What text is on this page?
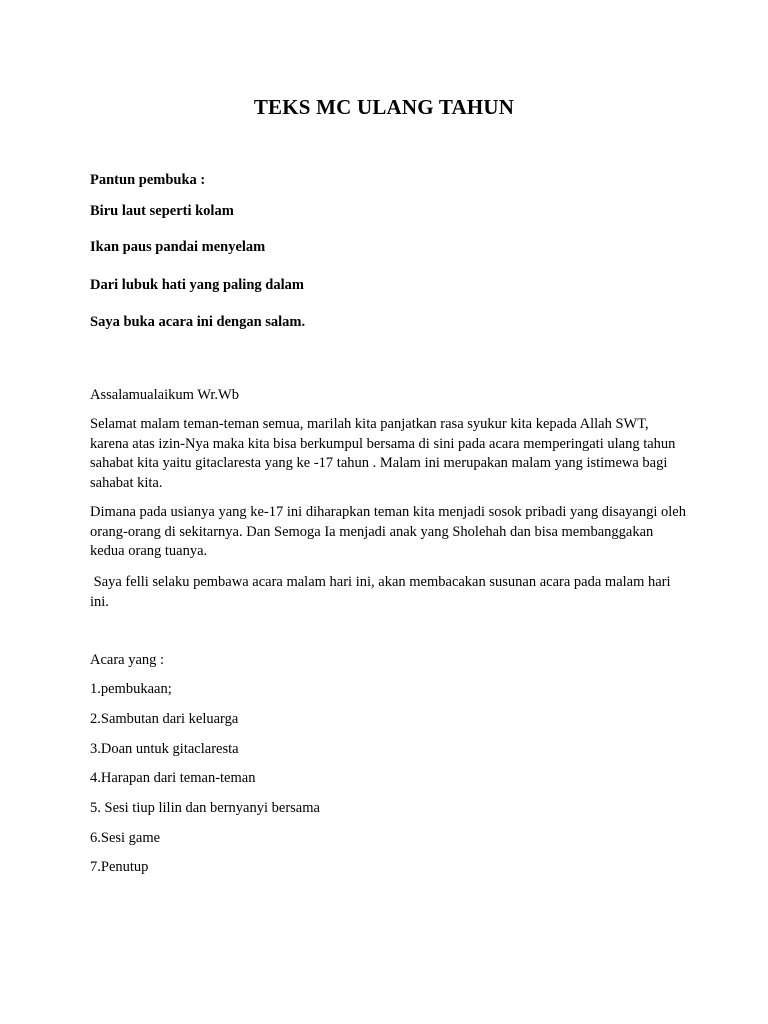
TEKS MC ULANG TAHUN
Pantun pembuka :
Biru laut seperti kolam
Ikan paus pandai menyelam
Dari lubuk hati yang paling dalam
Saya buka acara ini dengan salam.
Assalamualaikum Wr.Wb
Selamat malam teman-teman semua, marilah kita panjatkan rasa syukur kita kepada Allah SWT, karena atas izin-Nya maka kita bisa berkumpul bersama di sini pada acara memperingati ulang tahun sahabat kita yaitu gitaclaresta yang ke -17 tahun . Malam ini merupakan malam yang istimewa bagi sahabat kita.
Dimana pada usianya yang ke-17 ini diharapkan teman kita menjadi sosok pribadi yang disayangi oleh orang-orang di sekitarnya. Dan Semoga Ia menjadi anak yang Sholehah dan bisa membanggakan kedua orang tuanya.
Saya felli selaku pembawa acara malam hari ini, akan membacakan susunan acara pada malam hari ini.
Acara yang :
1.pembukaan;
2.Sambutan dari keluarga
3.Doan untuk gitaclaresta
4.Harapan dari teman-teman
5. Sesi tiup lilin dan bernyanyi bersama
6.Sesi game
7.Penutup
